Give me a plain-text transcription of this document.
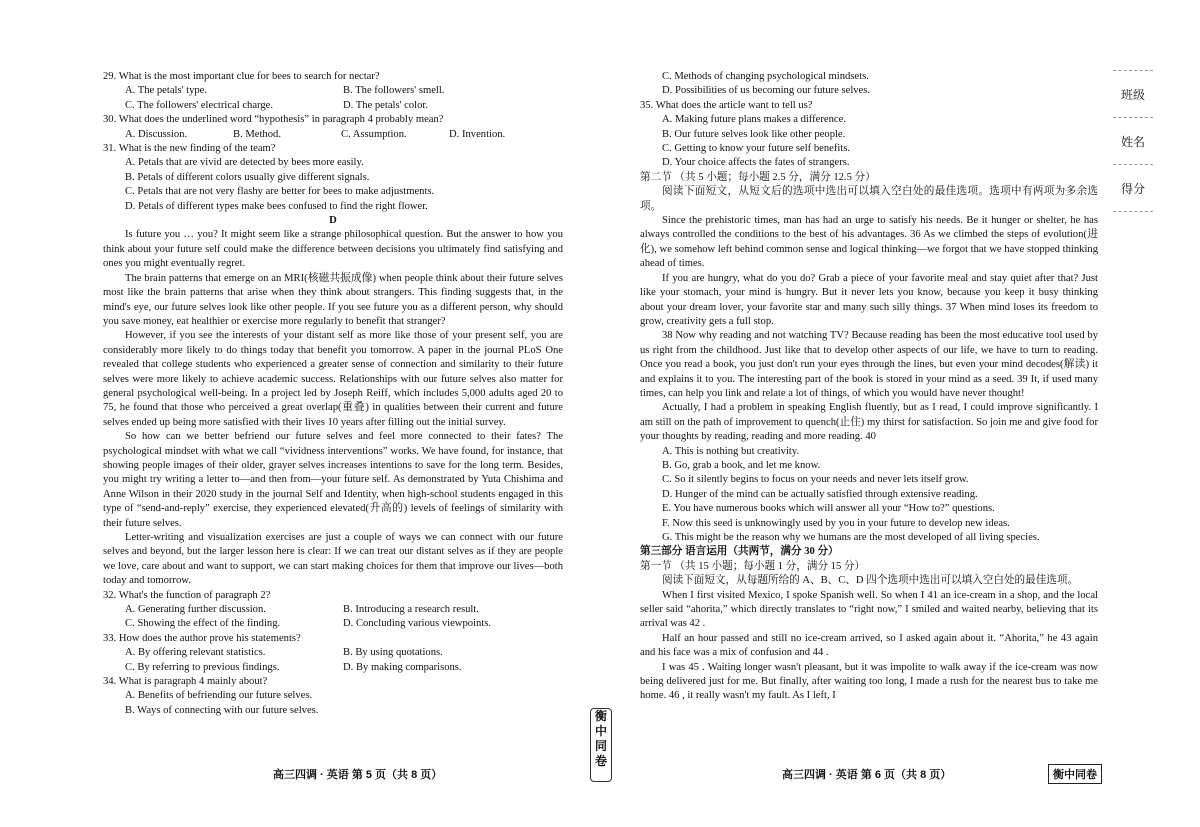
29. What is the most important clue for bees to search for nectar?
A. The petals' type.	B. The followers' smell.
C. The followers' electrical charge.	D. The petals' color.
30. What does the underlined word “hypothesis” in paragraph 4 probably mean?
A. Discussion.	B. Method.	C. Assumption.	D. Invention.
31. What is the new finding of the team?
A. Petals that are vivid are detected by bees more easily.
B. Petals of different colors usually give different signals.
C. Petals that are not very flashy are better for bees to make adjustments.
D. Petals of different types make bees confused to find the right flower.
D
Is future you … you? It might seem like a strange philosophical question. But the answer to how you think about your future self could make the difference between decisions you ultimately find satisfying and ones you might eventually regret.
The brain patterns that emerge on an MRI(核磁共振成像) when people think about their future selves most like the brain patterns that arise when they think about strangers. This finding suggests that, in the mind's eye, our future selves look like other people. If you see future you as a different person, why should you save money, eat healthier or exercise more regularly to benefit that stranger?
However, if you see the interests of your distant self as more like those of your present self, you are considerably more likely to do things today that benefit you tomorrow. A paper in the journal PLoS One revealed that college students who experienced a greater sense of connection and similarity to their future selves were more likely to achieve academic success. Relationships with our future selves also matter for general psychological well-being. In a project led by Joseph Reiff, which includes 5,000 adults aged 20 to 75, he found that those who perceived a great overlap(重叠) in qualities between their current and future selves ended up being more satisfied with their lives 10 years after filling out the initial survey.
So how can we better befriend our future selves and feel more connected to their fates? The psychological mindset with what we call “vividness interventions” works. We have found, for instance, that showing people images of their older, grayer selves increases intentions to save for the long term. Besides, you might try writing a letter to—and then from—your future self. As demonstrated by Yuta Chishima and Anne Wilson in their 2020 study in the journal Self and Identity, when high-school students engaged in this type of “send-and-reply” exercise, they experienced elevated(升高的) levels of feelings of similarity with their future selves.
Letter-writing and visualization exercises are just a couple of ways we can connect with our future selves and beyond, but the larger lesson here is clear: If we can treat our distant selves as if they are people we love, care about and want to support, we can start making choices for them that improve our lives—both today and tomorrow.
32. What's the function of paragraph 2?
A. Generating further discussion.	B. Introducing a research result.
C. Showing the effect of the finding.	D. Concluding various viewpoints.
33. How does the author prove his statements?
A. By offering relevant statistics.	B. By using quotations.
C. By referring to previous findings.	D. By making comparisons.
34. What is paragraph 4 mainly about?
A. Benefits of befriending our future selves.
B. Ways of connecting with our future selves.
C. Methods of changing psychological mindsets.
D. Possibilities of us becoming our future selves.
35. What does the article want to tell us?
A. Making future plans makes a difference.
B. Our future selves look like other people.
C. Getting to know your future self benefits.
D. Your choice affects the fates of strangers.
第二节 （共 5 小题；每小题 2.5 分，满分 12.5 分）
阅读下面短文，从短文后的选项中选出可以填入空白处的最佳选项。选项中有两项为多余选项。
Since the prehistoric times, man has had an urge to satisfy his needs. Be it hunger or shelter, he has always controlled the conditions to the best of his advantages. 36 As we climbed the steps of evolution(进化), we somehow left behind common sense and logical thinking—we forgot that we have stopped thinking ahead of times.
If you are hungry, what do you do? Grab a piece of your favorite meal and stay quiet after that? Just like your stomach, your mind is hungry. But it never lets you know, because you keep it busy thinking about your dream lover, your favorite star and many such silly things. 37 When mind loses its freedom to grow, creativity gets a full stop.
38 Now why reading and not watching TV? Because reading has been the most educative tool used by us right from the childhood. Just like that to develop other aspects of our life, we have to turn to reading. Once you read a book, you just don't run your eyes through the lines, but even your mind decodes(解读) it and explains it to you. The interesting part of the book is stored in your mind as a seed. 39 It, if used many times, can help you link and relate a lot of things, of which you would have never thought!
Actually, I had a problem in speaking English fluently, but as I read, I could improve significantly. I am still on the path of improvement to quench(止住) my thirst for satisfaction. So join me and give food for your thoughts by reading, reading and more reading. 40
A. This is nothing but creativity.
B. Go, grab a book, and let me know.
C. So it silently begins to focus on your needs and never lets itself grow.
D. Hunger of the mind can be actually satisfied through extensive reading.
E. You have numerous books which will answer all your “How to?” questions.
F. Now this seed is unknowingly used by you in your future to develop new ideas.
G. This might be the reason why we humans are the most developed of all living species.
第三部分 语言运用（共两节，满分 30 分）
第一节 （共 15 小题；每小题 1 分，满分 15 分）
阅读下面短文，从每题所给的 A、B、C、D 四个选项中选出可以填入空白处的最佳选项。
When I first visited Mexico, I spoke Spanish well. So when I 41 an ice-cream in a shop, and the local seller said “ahorita,” which directly translates to “right now,” I smiled and waited nearby, believing that its arrival was 42 .
Half an hour passed and still no ice-cream arrived, so I asked again about it. “Ahorita,” he 43 again and his face was a mix of confusion and 44 .
I was 45 . Waiting longer wasn't pleasant, but it was impolite to walk away if the ice-cream was now being delivered just for me. But finally, after waiting too long, I made a rush for the nearest bus to take me home. 46 , it really wasn't my fault. As I left, I
高三四调 · 英语 第 5 页（共 8 页）	高三四调 · 英语 第 6 页（共 8 页）
衡中同卷
衡中同卷
班级
姓名
得分
